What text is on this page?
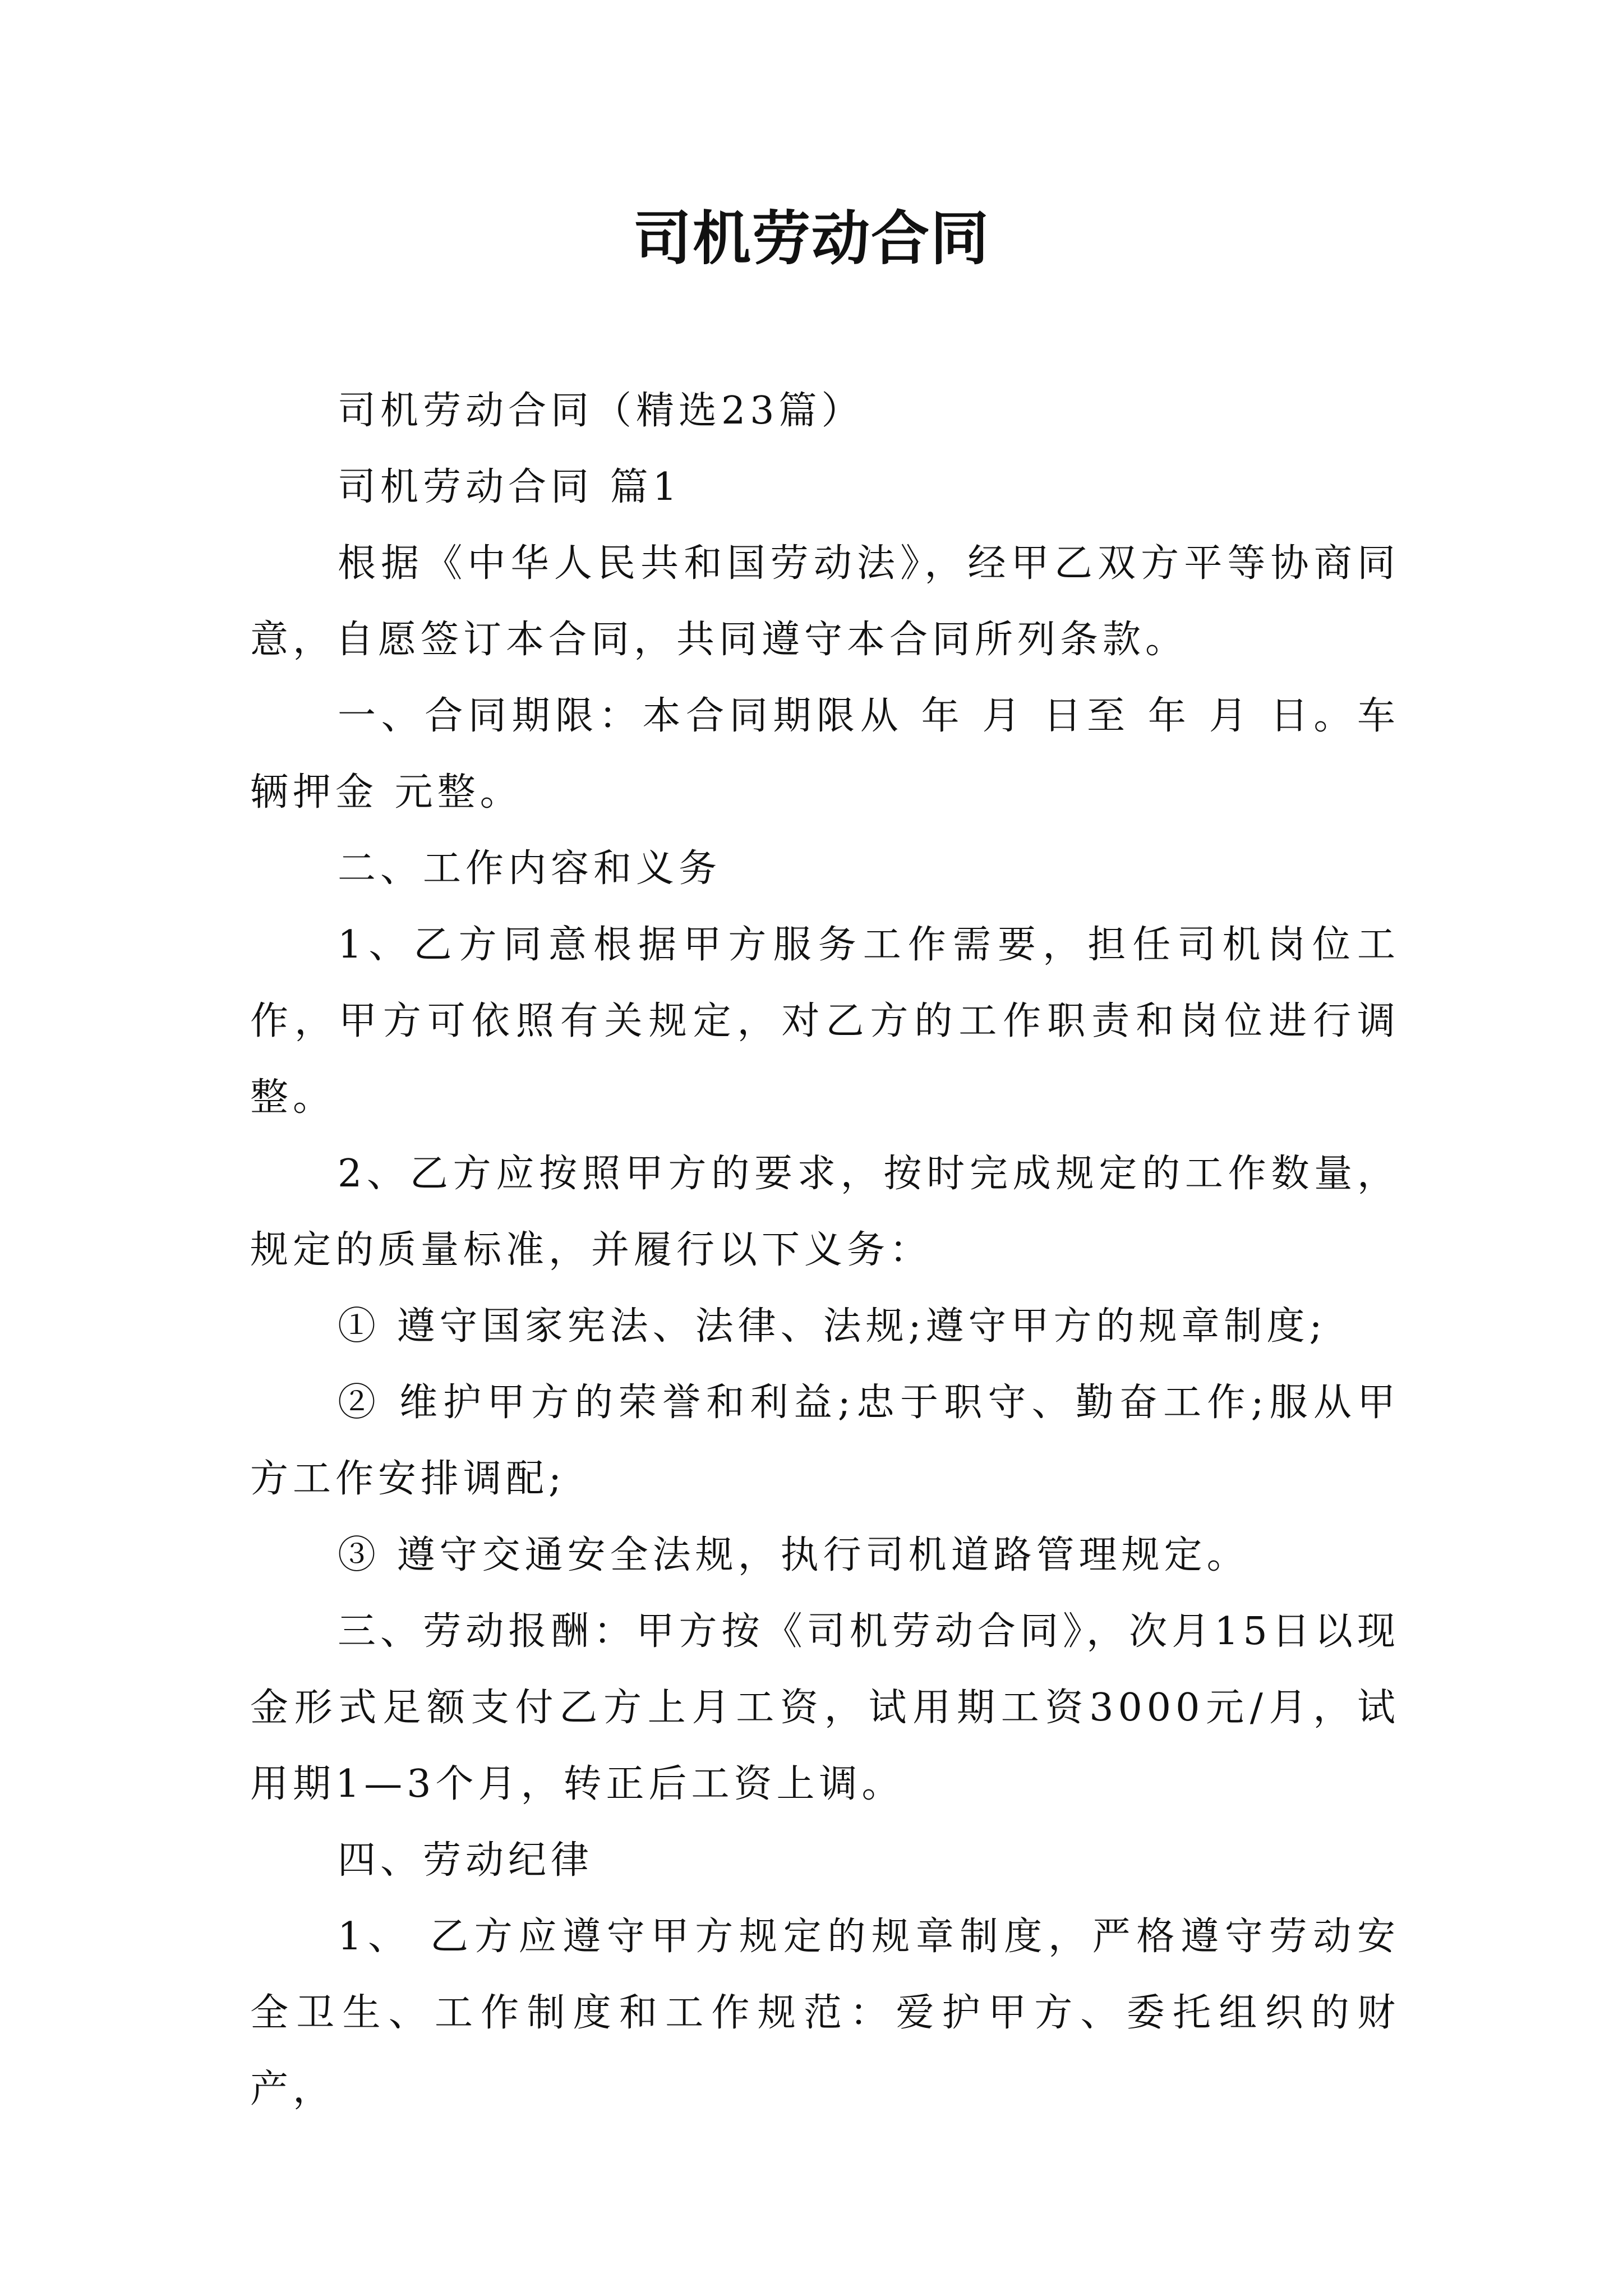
司机劳动合同

司机劳动合同（精选23篇）

司机劳动合同 篇1

根据《中华人民共和国劳动法》，经甲乙双方平等协商同意，自愿签订本合同，共同遵守本合同所列条款。

一、合同期限：本合同期限从 年 月 日至 年 月 日。车辆押金 元整。

二、工作内容和义务

1、乙方同意根据甲方服务工作需要，担任司机岗位工作，甲方可依照有关规定，对乙方的工作职责和岗位进行调整。

2、乙方应按照甲方的要求，按时完成规定的工作数量，规定的质量标准，并履行以下义务：

① 遵守国家宪法、法律、法规;遵守甲方的规章制度;

② 维护甲方的荣誉和利益;忠于职守、勤奋工作;服从甲方工作安排调配;

③ 遵守交通安全法规，执行司机道路管理规定。

三、劳动报酬：甲方按《司机劳动合同》，次月15日以现金形式足额支付乙方上月工资，试用期工资3000元/月，试用期1—3个月，转正后工资上调。

四、劳动纪律

1、 乙方应遵守甲方规定的规章制度，严格遵守劳动安全卫生、工作制度和工作规范：爱护甲方、委托组织的财产，
